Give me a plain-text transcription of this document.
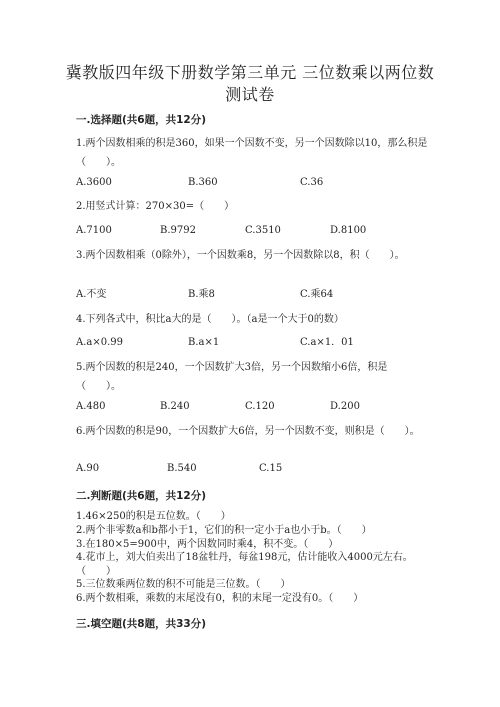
冀教版四年级下册数学第三单元 三位数乘以两位数
测试卷
一.选择题(共6题，共12分)
1.两个因数相乘的积是360，如果一个因数不变，另一个因数除以10，那么积是（　　）。
A.3600	B.360	C.36
2.用竖式计算：270×30=（　　）
A.7100	B.9792	C.3510	D.8100
3.两个因数相乘（0除外），一个因数乘8，另一个因数除以8，积（　　）。
A.不变	B.乘8	C.乘64
4.下列各式中，积比a大的是（　　）。（a是一个大于0的数）
A.a×0.99	B.a×1	C.a×1．01
5.两个因数的积是240，一个因数扩大3倍，另一个因数缩小6倍，积是（　　）。
A.480	B.240	C.120	D.200
6.两个因数的积是90，一个因数扩大6倍，另一个因数不变，则积是（　　）。
A.90	B.540	C.15
二.判断题(共6题，共12分)
1.46×250的积是五位数。（　　）
2.两个非零数a和b都小于1，它们的积一定小于a也小于b。（　　）
3.在180×5=900中，两个因数同时乘4，积不变。（　　）
4.花市上，刘大伯卖出了18盆牡丹，每盆198元，估计能收入4000元左右。
（　　）
5.三位数乘两位数的积不可能是三位数。（　　）
6.两个数相乘，乘数的末尾没有0，积的末尾一定没有0。（　　）
三.填空题(共8题，共33分)
